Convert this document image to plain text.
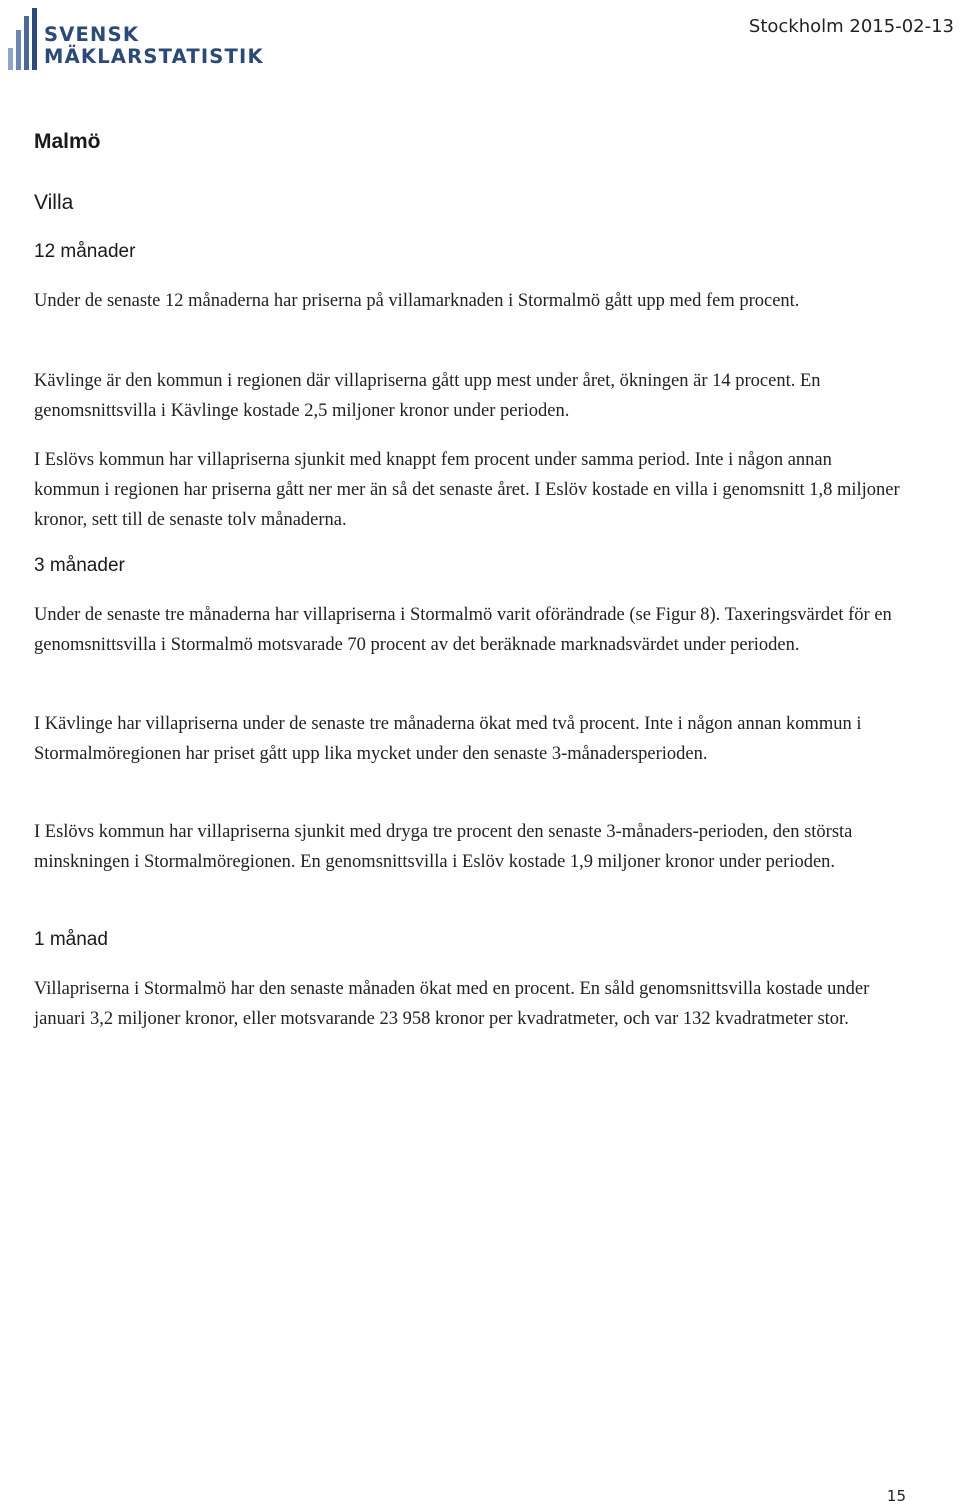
SVENSK
MÄKLARSTATISTIK
Stockholm 2015-02-13
Malmö
Villa
12 månader

Under de senaste 12 månaderna har priserna på villamarknaden i Stormalmö gått upp med fem procent.

Kävlinge är den kommun i regionen där villapriserna gått upp mest under året, ökningen är 14 procent. En genomsnittsvilla i Kävlinge kostade 2,5 miljoner kronor under perioden.

I Eslövs kommun har villapriserna sjunkit med knappt fem procent under samma period. Inte i någon annan kommun i regionen har priserna gått ner mer än så det senaste året. I Eslöv kostade en villa i genomsnitt 1,8 miljoner kronor, sett till de senaste tolv månaderna.

3 månader

Under de senaste tre månaderna har villapriserna i Stormalmö varit oförändrade (se Figur 8). Taxeringsvärdet för en genomsnittsvilla i Stormalmö motsvarade 70 procent av det beräknade marknadsvärdet under perioden.

I Kävlinge har villapriserna under de senaste tre månaderna ökat med två procent. Inte i någon annan kommun i Stormalmöregionen har priset gått upp lika mycket under den senaste 3-månadersperioden.

I Eslövs kommun har villapriserna sjunkit med dryga tre procent den senaste 3-månaders-perioden, den största minskningen i Stormalmöregionen. En genomsnittsvilla i Eslöv kostade 1,9 miljoner kronor under perioden.

1 månad

Villapriserna i Stormalmö har den senaste månaden ökat med en procent. En såld genomsnittsvilla kostade under januari 3,2 miljoner kronor, eller motsvarande 23 958 kronor per kvadratmeter, och var 132 kvadratmeter stor.

15
